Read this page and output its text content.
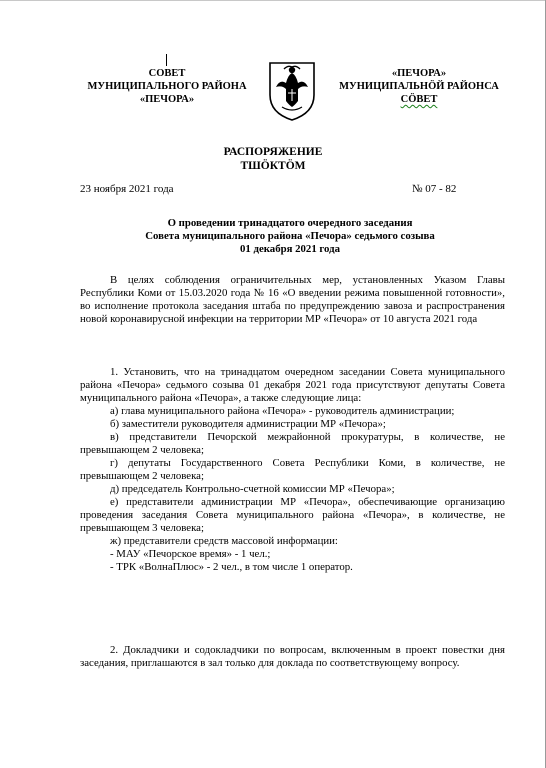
СОВЕТ
МУНИЦИПАЛЬНОГО РАЙОНА
«ПЕЧОРА»
«ПЕЧОРА»
МУНИЦИПАЛЬНÖЙ РАЙОНСА
СÖВЕТ
РАСПОРЯЖЕНИЕ
ТШÖКТÖМ
23 ноября 2021 года	№ 07 - 82
О проведении тринадцатого очередного заседания
Совета муниципального района «Печора» седьмого созыва
01 декабря 2021 года

В целях соблюдения ограничительных мер, установленных Указом Главы Республики Коми от 15.03.2020 года № 16 «О введении режима повышенной готовности», во исполнение протокола заседания штаба по предупреждению завоза и распространения новой коронавирусной инфекции на территории МР «Печора» от 10 августа 2021 года

1. Установить, что на тринадцатом очередном заседании Совета муниципального района «Печора» седьмого созыва 01 декабря 2021 года присутствуют депутаты Совета муниципального района «Печора», а также следующие лица:

а) глава муниципального района «Печора» - руководитель администрации;

б) заместители руководителя администрации МР «Печора»;

в) представители Печорской межрайонной прокуратуры, в количестве, не превышающем 2 человека;

г) депутаты Государственного Совета Республики Коми, в количестве, не превышающем 2 человека;

д) председатель Контрольно-счетной комиссии МР «Печора»;

е) представители администрации МР «Печора», обеспечивающие организацию проведения заседания Совета муниципального района «Печора», в количестве, не превышающем 3 человека;

ж) представители средств массовой информации:

- МАУ «Печорское время» - 1 чел.;

- ТРК «ВолнаПлюс» - 2 чел., в том числе 1 оператор.

2. Докладчики и содокладчики по вопросам, включенным в проект повестки дня заседания, приглашаются в зал только для доклада по соответствующему вопросу.
